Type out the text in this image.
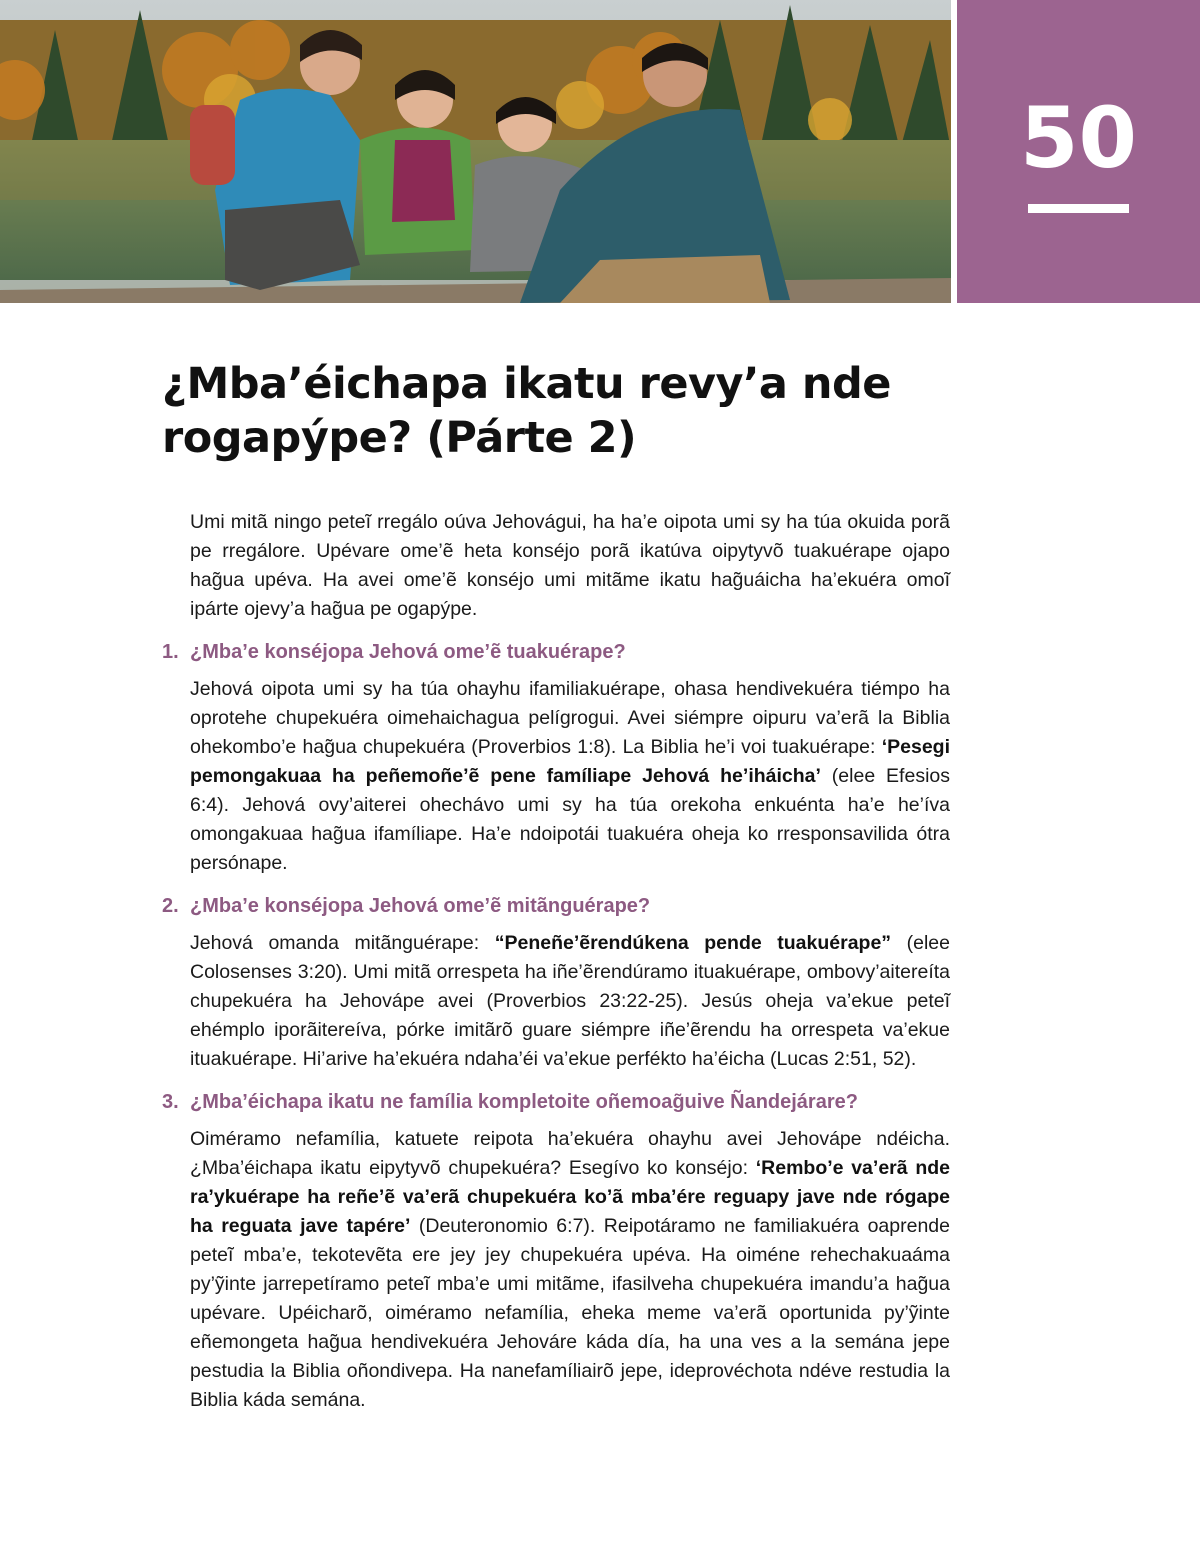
50
¿Mba’éichapa ikatu revy’a nde rogapýpe? (Párte 2)

Umi mitã ningo peteĩ rregálo oúva Jehovágui, ha ha’e oipota umi sy ha túa okuida porã pe rregálore. Upévare ome’ẽ heta konséjo porã ikatúva oipytyvõ tuakuérape ojapo hag̃ua upéva. Ha avei ome’ẽ konséjo umi mitãme ikatu hag̃uáicha ha’ekuéra omoĩ ipárte ojevy’a hag̃ua pe ogapýpe.

1. ¿Mba’e konséjopa Jehová ome’ẽ tuakuérape?

Jehová oipota umi sy ha túa ohayhu ifamiliakuérape, ohasa hendivekuéra tiémpo ha oprotehe chupekuéra oimehaichagua pelígrogui. Avei siémpre oipuru va’erã la Biblia ohekombo’e hag̃ua chupekuéra (Proverbios 1:8). La Biblia he’i voi tuakuérape: ‘Pesegi pemongakuaa ha peñemoñe’ẽ pene famíliape Jehová he’iháicha’ (elee Efesios 6:4). Jehová ovy’aiterei ohechávo umi sy ha túa orekoha enkuénta ha’e he’íva omongakuaa hag̃ua ifamíliape. Ha’e ndoipotái tuakuéra oheja ko rresponsavilida ótra persónape.

2. ¿Mba’e konséjopa Jehová ome’ẽ mitãnguérape?

Jehová omanda mitãnguérape: “Peneñe’ẽrendúkena pende tuakuérape” (elee Colosenses 3:20). Umi mitã orrespeta ha iñe’ẽrendúramo ituakuérape, ombovy’aitereíta chupekuéra ha Jehovápe avei (Proverbios 23:22-25). Jesús oheja va’ekue peteĩ ehémplo iporãitereíva, pórke imitãrõ guare siémpre iñe’ẽrendu ha orrespeta va’ekue ituakuérape. Hi’arive ha’ekuéra ndaha’éi va’ekue perfékto ha’éicha (Lucas 2:51, 52).

3. ¿Mba’éichapa ikatu ne família kompletoite oñemoag̃uive Ñandejárare?

Oiméramo nefamília, katuete reipota ha’ekuéra ohayhu avei Jehovápe ndéicha. ¿Mba’éichapa ikatu eipytyvõ chupekuéra? Esegívo ko konséjo: ‘Rembo’e va’erã nde ra’ykuérape ha reñe’ẽ va’erã chupekuéra ko’ã mba’ére reguapy jave nde rógape ha reguata jave tapére’ (Deuteronomio 6:7). Reipotáramo ne familiakuéra oaprende peteĩ mba’e, tekotevẽta ere jey jey chupekuéra upéva. Ha oiméne rehechakuaáma py’ỹinte jarrepetíramo peteĩ mba’e umi mitãme, ifasilveha chupekuéra imandu’a hag̃ua upévare. Upéicharõ, oiméramo nefamília, eheka meme va’erã oportunida py’ỹinte eñemongeta hag̃ua hendivekuéra Jehováre káda día, ha una ves a la semána jepe pestudia la Biblia oñondivepa. Ha nanefamíliairõ jepe, ideprovéchota ndéve restudia la Biblia káda semána.
